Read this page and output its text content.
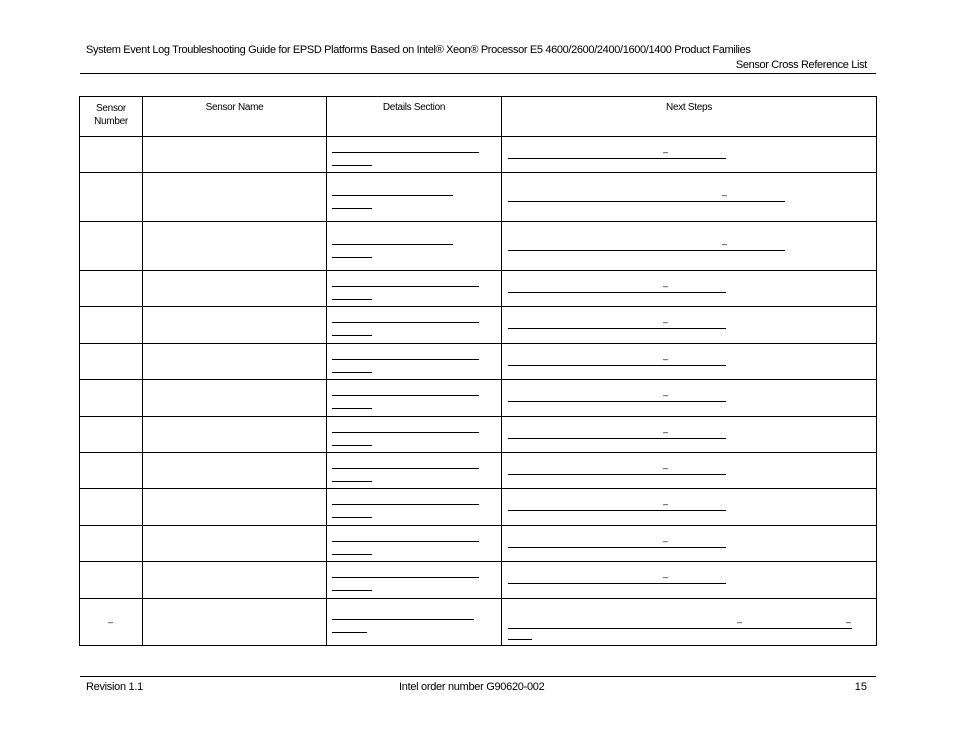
System Event Log Troubleshooting Guide for EPSD Platforms Based on Intel® Xeon® Processor E5 4600/2600/2400/1600/1400 Product Families
Sensor Cross Reference List
Sensor Number	Sensor Name	Details Section	Next Steps

			–

			–

			–

			–

			–

			–

			–

			–

			–

			–

			–

			–

–			– –
Revision 1.1	Intel order number G90620-002	15
